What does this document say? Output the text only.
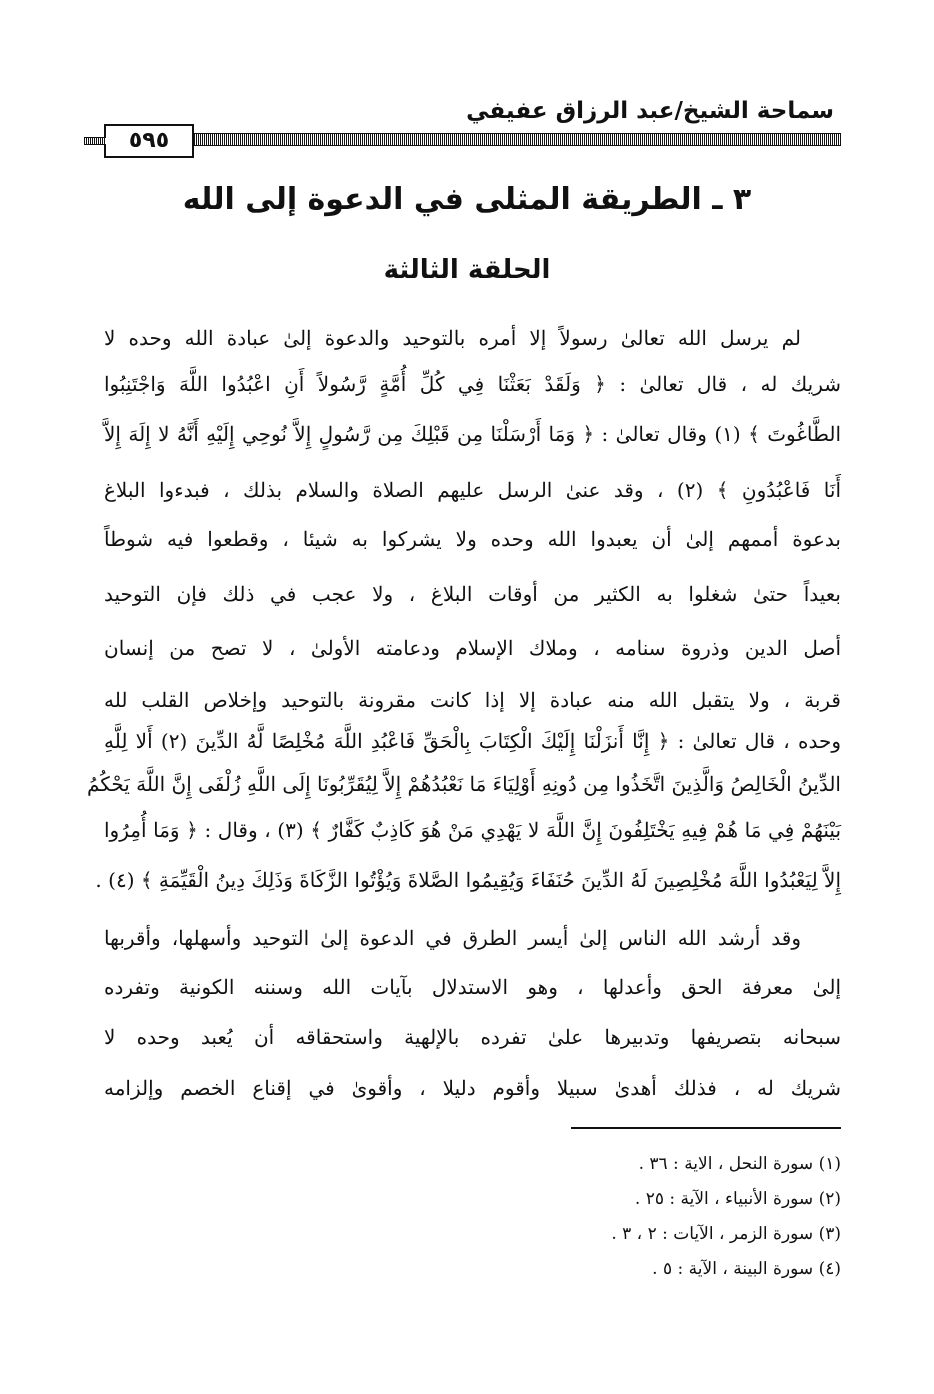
سماحة الشيخ/عبد الرزاق عفيفي
٥٩٥
٣ ـ الطريقة المثلى في الدعوة إلى الله
الحلقة الثالثة
لم يرسل الله تعالىٰ رسولاً إلا أمره بالتوحيد والدعوة إلىٰ عبادة الله وحده لا
شريك له ، قال تعالىٰ : ﴿ وَلَقَدْ بَعَثْنَا فِي كُلِّ أُمَّةٍ رَّسُولاً أَنِ اعْبُدُوا اللَّهَ وَاجْتَنِبُوا
الطَّاغُوتَ ﴾ (١) وقال تعالىٰ : ﴿ وَمَا أَرْسَلْنَا مِن قَبْلِكَ مِن رَّسُولٍ إِلاَّ نُوحِي إِلَيْهِ أَنَّهُ لا إِلَهَ إِلاَّ
أَنَا فَاعْبُدُونِ ﴾ (٢) ، وقد عنىٰ الرسل عليهم الصلاة والسلام بذلك ، فبدءوا البلاغ
بدعوة أممهم إلىٰ أن يعبدوا الله وحده ولا يشركوا به شيئا ، وقطعوا فيه شوطاً
بعيداً حتىٰ شغلوا به الكثير من أوقات البلاغ ، ولا عجب في ذلك فإن التوحيد
أصل الدين وذروة سنامه ، وملاك الإسلام ودعامته الأولىٰ ، لا تصح من إنسان
قربة ، ولا يتقبل الله منه عبادة إلا إذا كانت مقرونة بالتوحيد وإخلاص القلب لله
وحده ، قال تعالىٰ : ﴿ إِنَّا أَنزَلْنَا إِلَيْكَ الْكِتَابَ بِالْحَقِّ فَاعْبُدِ اللَّهَ مُخْلِصًا لَّهُ الدِّينَ (٢) أَلا لِلَّهِ
الدِّينُ الْخَالِصُ وَالَّذِينَ اتَّخَذُوا مِن دُونِهِ أَوْلِيَاءَ مَا نَعْبُدُهُمْ إِلاَّ لِيُقَرِّبُونَا إِلَى اللَّهِ زُلْفَى إِنَّ اللَّهَ يَحْكُمُ
بَيْنَهُمْ فِي مَا هُمْ فِيهِ يَخْتَلِفُونَ إِنَّ اللَّهَ لا يَهْدِي مَنْ هُوَ كَاذِبٌ كَفَّارٌ ﴾ (٣) ، وقال : ﴿ وَمَا أُمِرُوا
إِلاَّ لِيَعْبُدُوا اللَّهَ مُخْلِصِينَ لَهُ الدِّينَ حُنَفَاءَ وَيُقِيمُوا الصَّلاةَ وَيُؤْتُوا الزَّكَاةَ وَذَلِكَ دِينُ الْقَيِّمَةِ ﴾ (٤) .
وقد أرشد الله الناس إلىٰ أيسر الطرق في الدعوة إلىٰ التوحيد وأسهلها، وأقربها
إلىٰ معرفة الحق وأعدلها ، وهو الاستدلال بآيات الله وسننه الكونية وتفرده
سبحانه بتصريفها وتدبيرها علىٰ تفرده بالإلهية واستحقاقه أن يُعبد وحده لا
شريك له ، فذلك أهدىٰ سبيلا وأقوم دليلا ، وأقوىٰ في إقناع الخصم وإلزامه
(١) سورة النحل ، الاية : ٣٦ .
(٢) سورة الأنبياء ، الآية : ٢٥ .
(٣) سورة الزمر ، الآيات : ٢ ، ٣ .
(٤) سورة البينة ، الآية : ٥ .
